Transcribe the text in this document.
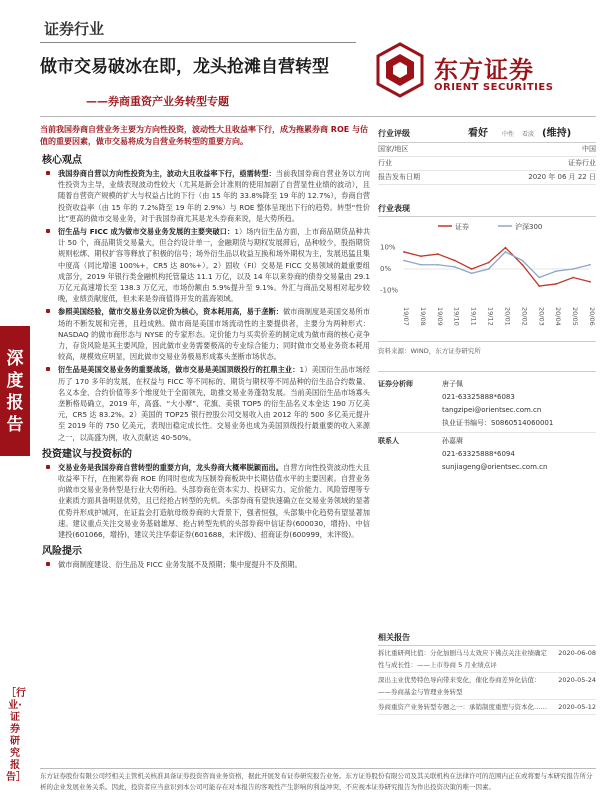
深度
报告
［行业·证券研究报告］
证券行业
做市交易破冰在即，龙头抢滩自营转型
——券商重资产业务转型专题
东方证券
ORIENT SECURITIES
当前我国券商自营业务主要为方向性投资，波动性大且收益率下行，成为拖累券商 ROE 与估值的重要因素，做市交易将成为自营业务转型的重要方向。
核心观点
我国券商自营以方向性投资为主，波动大且收益率下行，亟需转型：当前我国券商自营业务以方向性投资为主导，业绩表现波动性较大（尤其是新会计准则的使用加剧了自营显性业绩的波动），且随着自营资产规模的扩大与权益占比的下行（由 15 年的 33.8%降至 19 年的 12.7%），券商自营投资收益率（由 15 年的 7.2%降至 19 年的 2.9%）与 ROE 整体呈现出下行的趋势。转型“性价比”更高的做市交易业务，对于我国券商尤其是龙头券商来说，是大势所趋。
衍生品与 FICC 成为做市交易业务发展的主要突破口：1）场内衍生品方面，上市商品期货品种共计 50 个，商品期货交易量大，但合约设计单一，金融期货与期权发展滞后，品种较少，股指期货规则松绑、期权扩容等释放了积极的信号；场外衍生品以收益互换和场外期权为主，发展迅猛且集中度高（同比增速 100%+，CR5 达 80%+）。2）固收（FI）交易是 FICC 交易领域的最重要组成部分，2019 年银行类金融机构托管量达 11.1 万亿，以及 14 年以来券商的债券交易量由 29.1 万亿元高速增长至 138.3 万亿元，市场份额由 5.9%提升至 9.1%。外汇与商品交易相对起步较晚，业绩贡献度低，但未来是券商值得开发的蓝海领域。
参照美国经验，做市交易业务以定价为核心，资本耗用高，易于垄断：做市商制度是美国交易所市场的不断发展和完善，且趋成熟。做市商是美国市场流动性的主要提供者，主要分为两种形式：NASDAQ 的做市商形态与 NYSE 的专家形态。定价能力与买卖价差的制定成为做市商的核心竞争力，存货风险是其主要风险，因此做市业务需要极高的专业综合能力；同时做市交易业务资本耗用较高，规模效应明显，因此做市交易业务极易形成寡头垄断市场状态。
衍生品是美国交易业务的重要战场，做市交易是美国顶级投行的扛鼎主业：1）美国衍生品市场经历了 170 多年的发展，在权益与 FICC 等不同标的、期货与期权等不同品种的衍生品合约数量、名义本金、合约价值等多个维度处于全面领先，助推交易业务蓬勃发展。当前美国衍生品市场寡头垄断格局确立，2019 年，高盛、“大小摩”、花旗、美银 TOP5 的衍生品名义本金达 190 万亿美元，CR5 达 83.2%。2）美国的 TOP25 银行控股公司交易收入由 2012 年的 500 多亿美元提升至 2019 年的 750 亿美元，表现出稳定成长性。交易业务也成为美国顶级投行最重要的收入来源之一，以高盛为例，收入贡献达 40-50%。
投资建议与投资标的
交易业务是我国券商自营转型的重要方向，龙头券商大概率脱颖而出。自营方向性投资波动性大且收益率下行，在拖累券商 ROE 的同时也成为压制券商板块中长期估值水平的主要因素。自营业务向做市交易业务转型是行业大势所趋。头部券商在资本实力、投研实力、定价能力、风险管理等专业素质方面具备明显优势，且已经抢占转型的先机。头部券商有望快速确立在交易业务领域的显著优势并形成护城河，在证监会打造航母级券商的大背景下，强者恒强，头部集中化趋势有望显著加速。建议重点关注交易业务基础雄厚、抢占转型先机的头部券商中信证券(600030，增持)、中信建投(601066，增持)，建议关注华泰证券(601688，未评级)、招商证券(600999，未评级)。
风险提示
做市商制度建设、衍生品及 FICC 业务发展不及预期；集中度提升不及预期。
行业评级	看好	中性 看淡 (维持)
国家/地区	中国
行业	证券行业
报告发布日期	2020 年 06 月 22 日
行业表现
证券	沪深300
10%
0%
-10%
19/07 19/08 19/09 19/10 19/11 19/12 20/01 20/02 20/03 20/04 20/05 20/06
资料来源：WIND，东方证券研究所
证券分析师	唐子佩
021-63325888*6083
tangzipei@orientsec.com.cn
执业证书编号：S0860514060001
联系人	孙嘉赓
021-63325888*6094
sunjiageng@orientsec.com.cn
相关报告
拆比重研判比值：分化加剧马马太效应下佛点关注业绩确定性与成长性：——上市券商 5 月业绩点评
2020-06-08
深出主业优势特色导向带来变化，催化券商差异化估值：——券商基金与管理业务转型
2020-05-24
券商重资产业务转型专题之一：承销制度重塑与资本化…… 2020-05-12
东方证券股份有限公司经相关主管机关核准具备证券投资咨询业务资格，据此开展发布证券研究报告业务。东方证券股份有限公司及其关联机构在法律许可的范围内正在或将要与本研究报告所分析的企业发展业务关系。因此，投资者应当意识到本公司可能存在对本报告的客观性产生影响的利益冲突，不应视本证券研究报告为作出投资决策的唯一因素。
